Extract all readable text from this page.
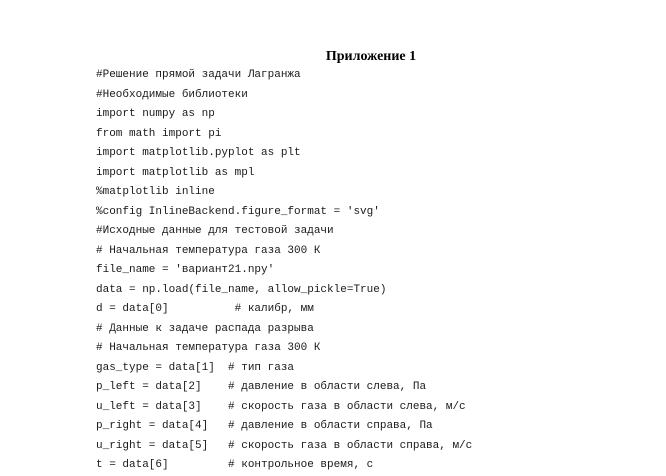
Приложение 1
#Решение прямой задачи Лагранжа
#Необходимые библиотеки
import numpy as np
from math import pi
import matplotlib.pyplot as plt
import matplotlib as mpl
%matplotlib inline
%config InlineBackend.figure_format = 'svg'
#Исходные данные для тестовой задачи
# Начальная температура газа 300 К
file_name = 'вариант21.npy'
data = np.load(file_name, allow_pickle=True)
d = data[0]          # калибр, мм
# Данные к задаче распада разрыва
# Начальная температура газа 300 К
gas_type = data[1]  # тип газа
p_left = data[2]    # давление в области слева, Па
u_left = data[3]    # скорость газа в области слева, м/с
p_right = data[4]   # давление в области справа, Па
u_right = data[5]   # скорость газа в области справа, м/с
t = data[6]         # контрольное время, с
